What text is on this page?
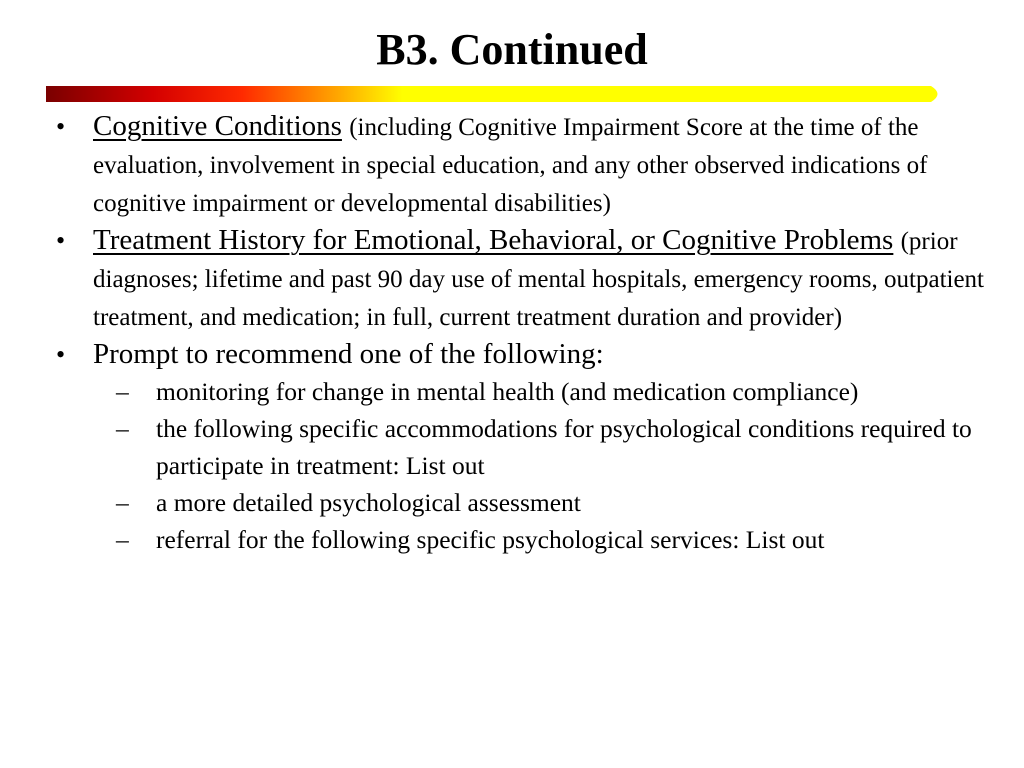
B3. Continued
• Cognitive Conditions (including Cognitive Impairment Score at the time of the evaluation, involvement in special education, and any other observed indications of cognitive impairment or developmental disabilities)
• Treatment History for Emotional, Behavioral, or Cognitive Problems (prior diagnoses; lifetime and past 90 day use of mental hospitals, emergency rooms, outpatient treatment, and medication; in full, current treatment duration and provider)
• Prompt to recommend one of the following:
– monitoring for change in mental health (and medication compliance)
– the following specific accommodations for psychological conditions required to participate in treatment: List out
– a more detailed psychological assessment
– referral for the following specific psychological services: List out
